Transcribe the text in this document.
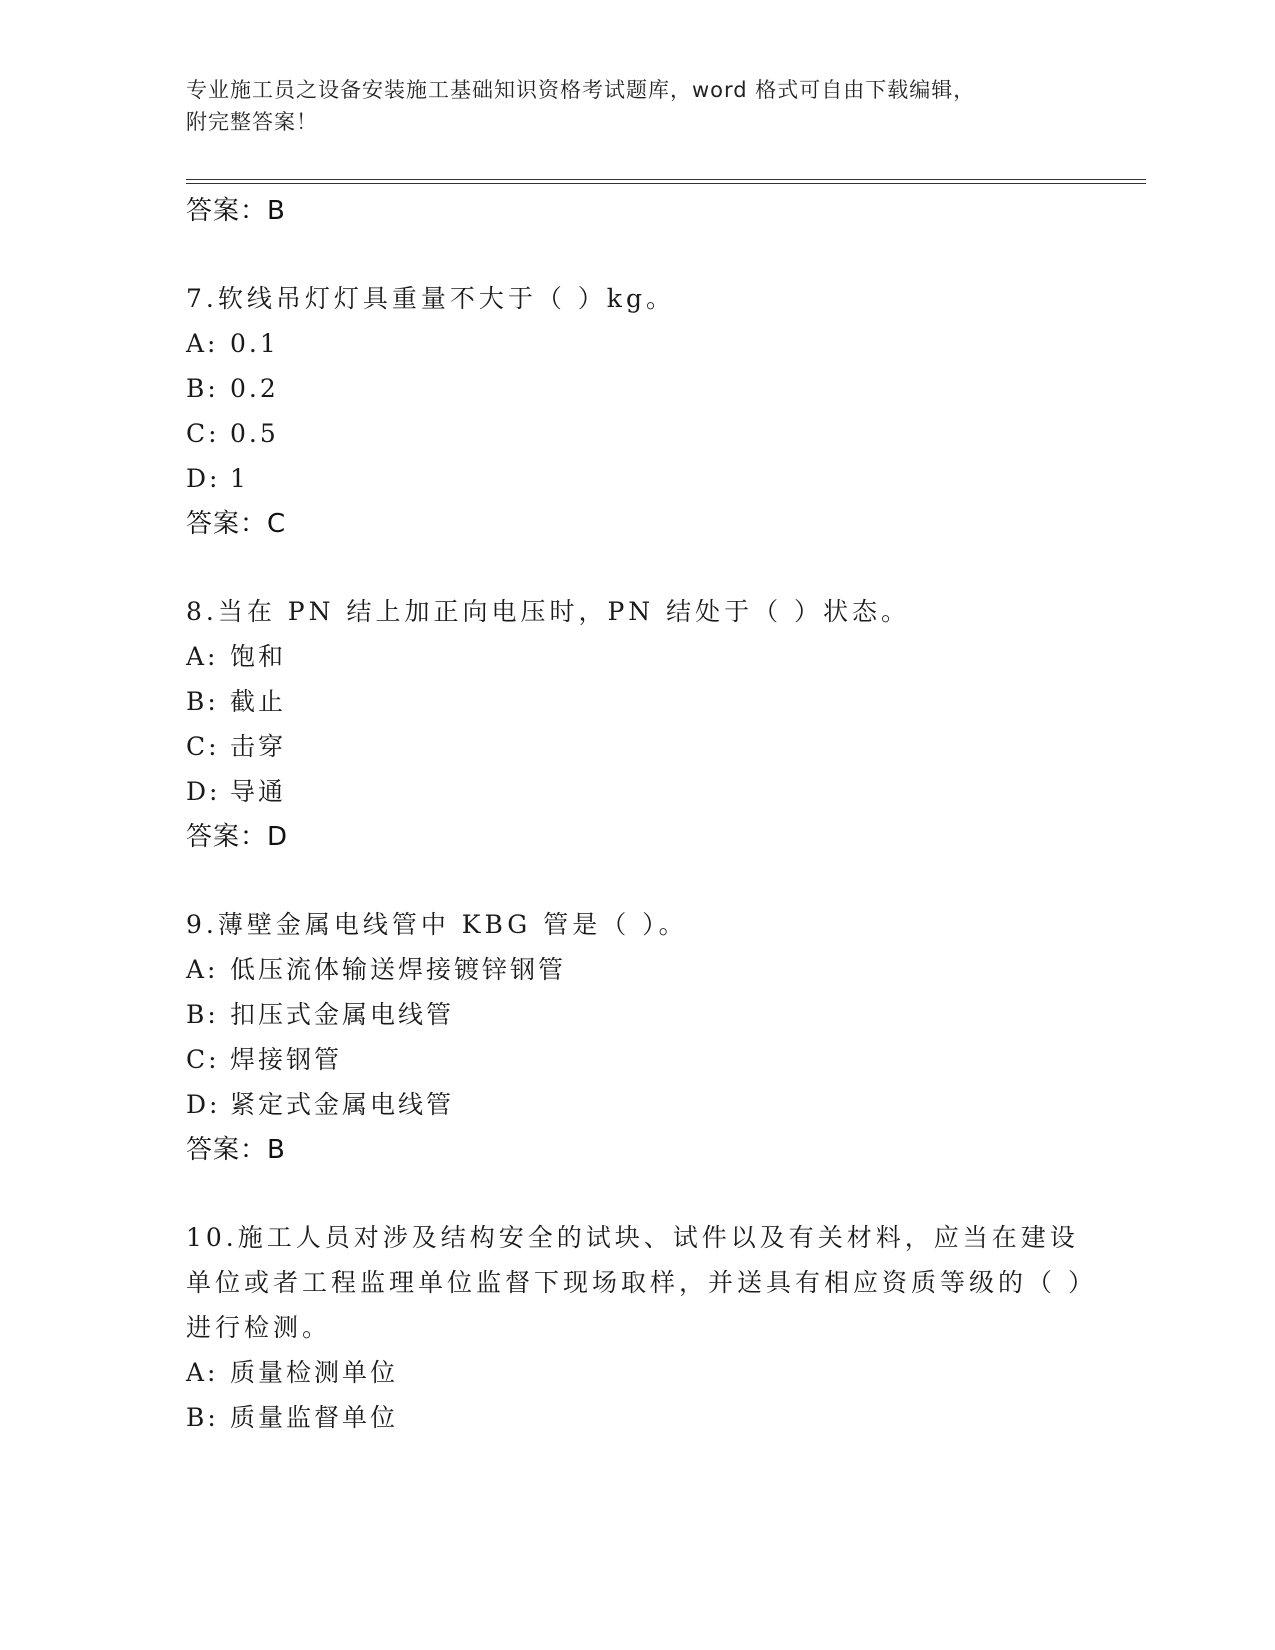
专业施工员之设备安装施工基础知识资格考试题库，word 格式可自由下载编辑，
附完整答案！
答案：B

7.软线吊灯灯具重量不大于（ ）kg。

A: 0.1
B: 0.2
C: 0.5
D: 1
答案：C

8.当在 PN 结上加正向电压时，PN 结处于（ ）状态。

A: 饱和
B: 截止
C: 击穿
D: 导通
答案：D

9.薄壁金属电线管中 KBG 管是（ ）。

A: 低压流体输送焊接镀锌钢管
B: 扣压式金属电线管
C: 焊接钢管
D: 紧定式金属电线管
答案：B

10.施工人员对涉及结构安全的试块、试件以及有关材料，应当在建设单位或者工程监理单位监督下现场取样，并送具有相应资质等级的（ ）进行检测。

A: 质量检测单位
B: 质量监督单位
